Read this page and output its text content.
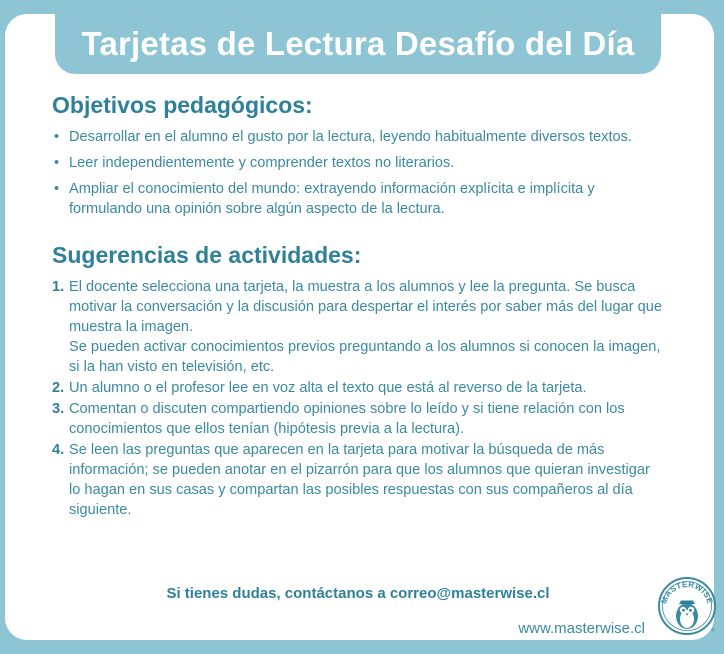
Tarjetas de Lectura Desafío del Día
Objetivos pedagógicos:
• Desarrollar en el alumno el gusto por la lectura, leyendo habitualmente diversos textos.
• Leer independientemente y comprender textos no literarios.
• Ampliar el conocimiento del mundo: extrayendo información explícita e implícita y formulando una opinión sobre algún aspecto de la lectura.
Sugerencias de actividades:
1. El docente selecciona una tarjeta, la muestra a los alumnos y lee la pregunta. Se busca motivar la conversación y la discusión para despertar el interés por saber más del lugar que muestra la imagen.
Se pueden activar conocimientos previos preguntando a los alumnos si conocen la imagen, si la han visto en televisión, etc.
2. Un alumno o el profesor lee en voz alta el texto que está al reverso de la tarjeta.
3. Comentan o discuten compartiendo opiniones sobre lo leído y si tiene relación con los conocimientos que ellos tenían (hipótesis previa a la lectura).
4. Se leen las preguntas que aparecen en la tarjeta para motivar la búsqueda de más información; se pueden anotar en el pizarrón para que los alumnos que quieran investigar lo hagan en sus casas y compartan las posibles respuestas con sus compañeros al día siguiente.
Si tienes dudas, contáctanos a correo@masterwise.cl
www.masterwise.cl
MASTERWISE
®
